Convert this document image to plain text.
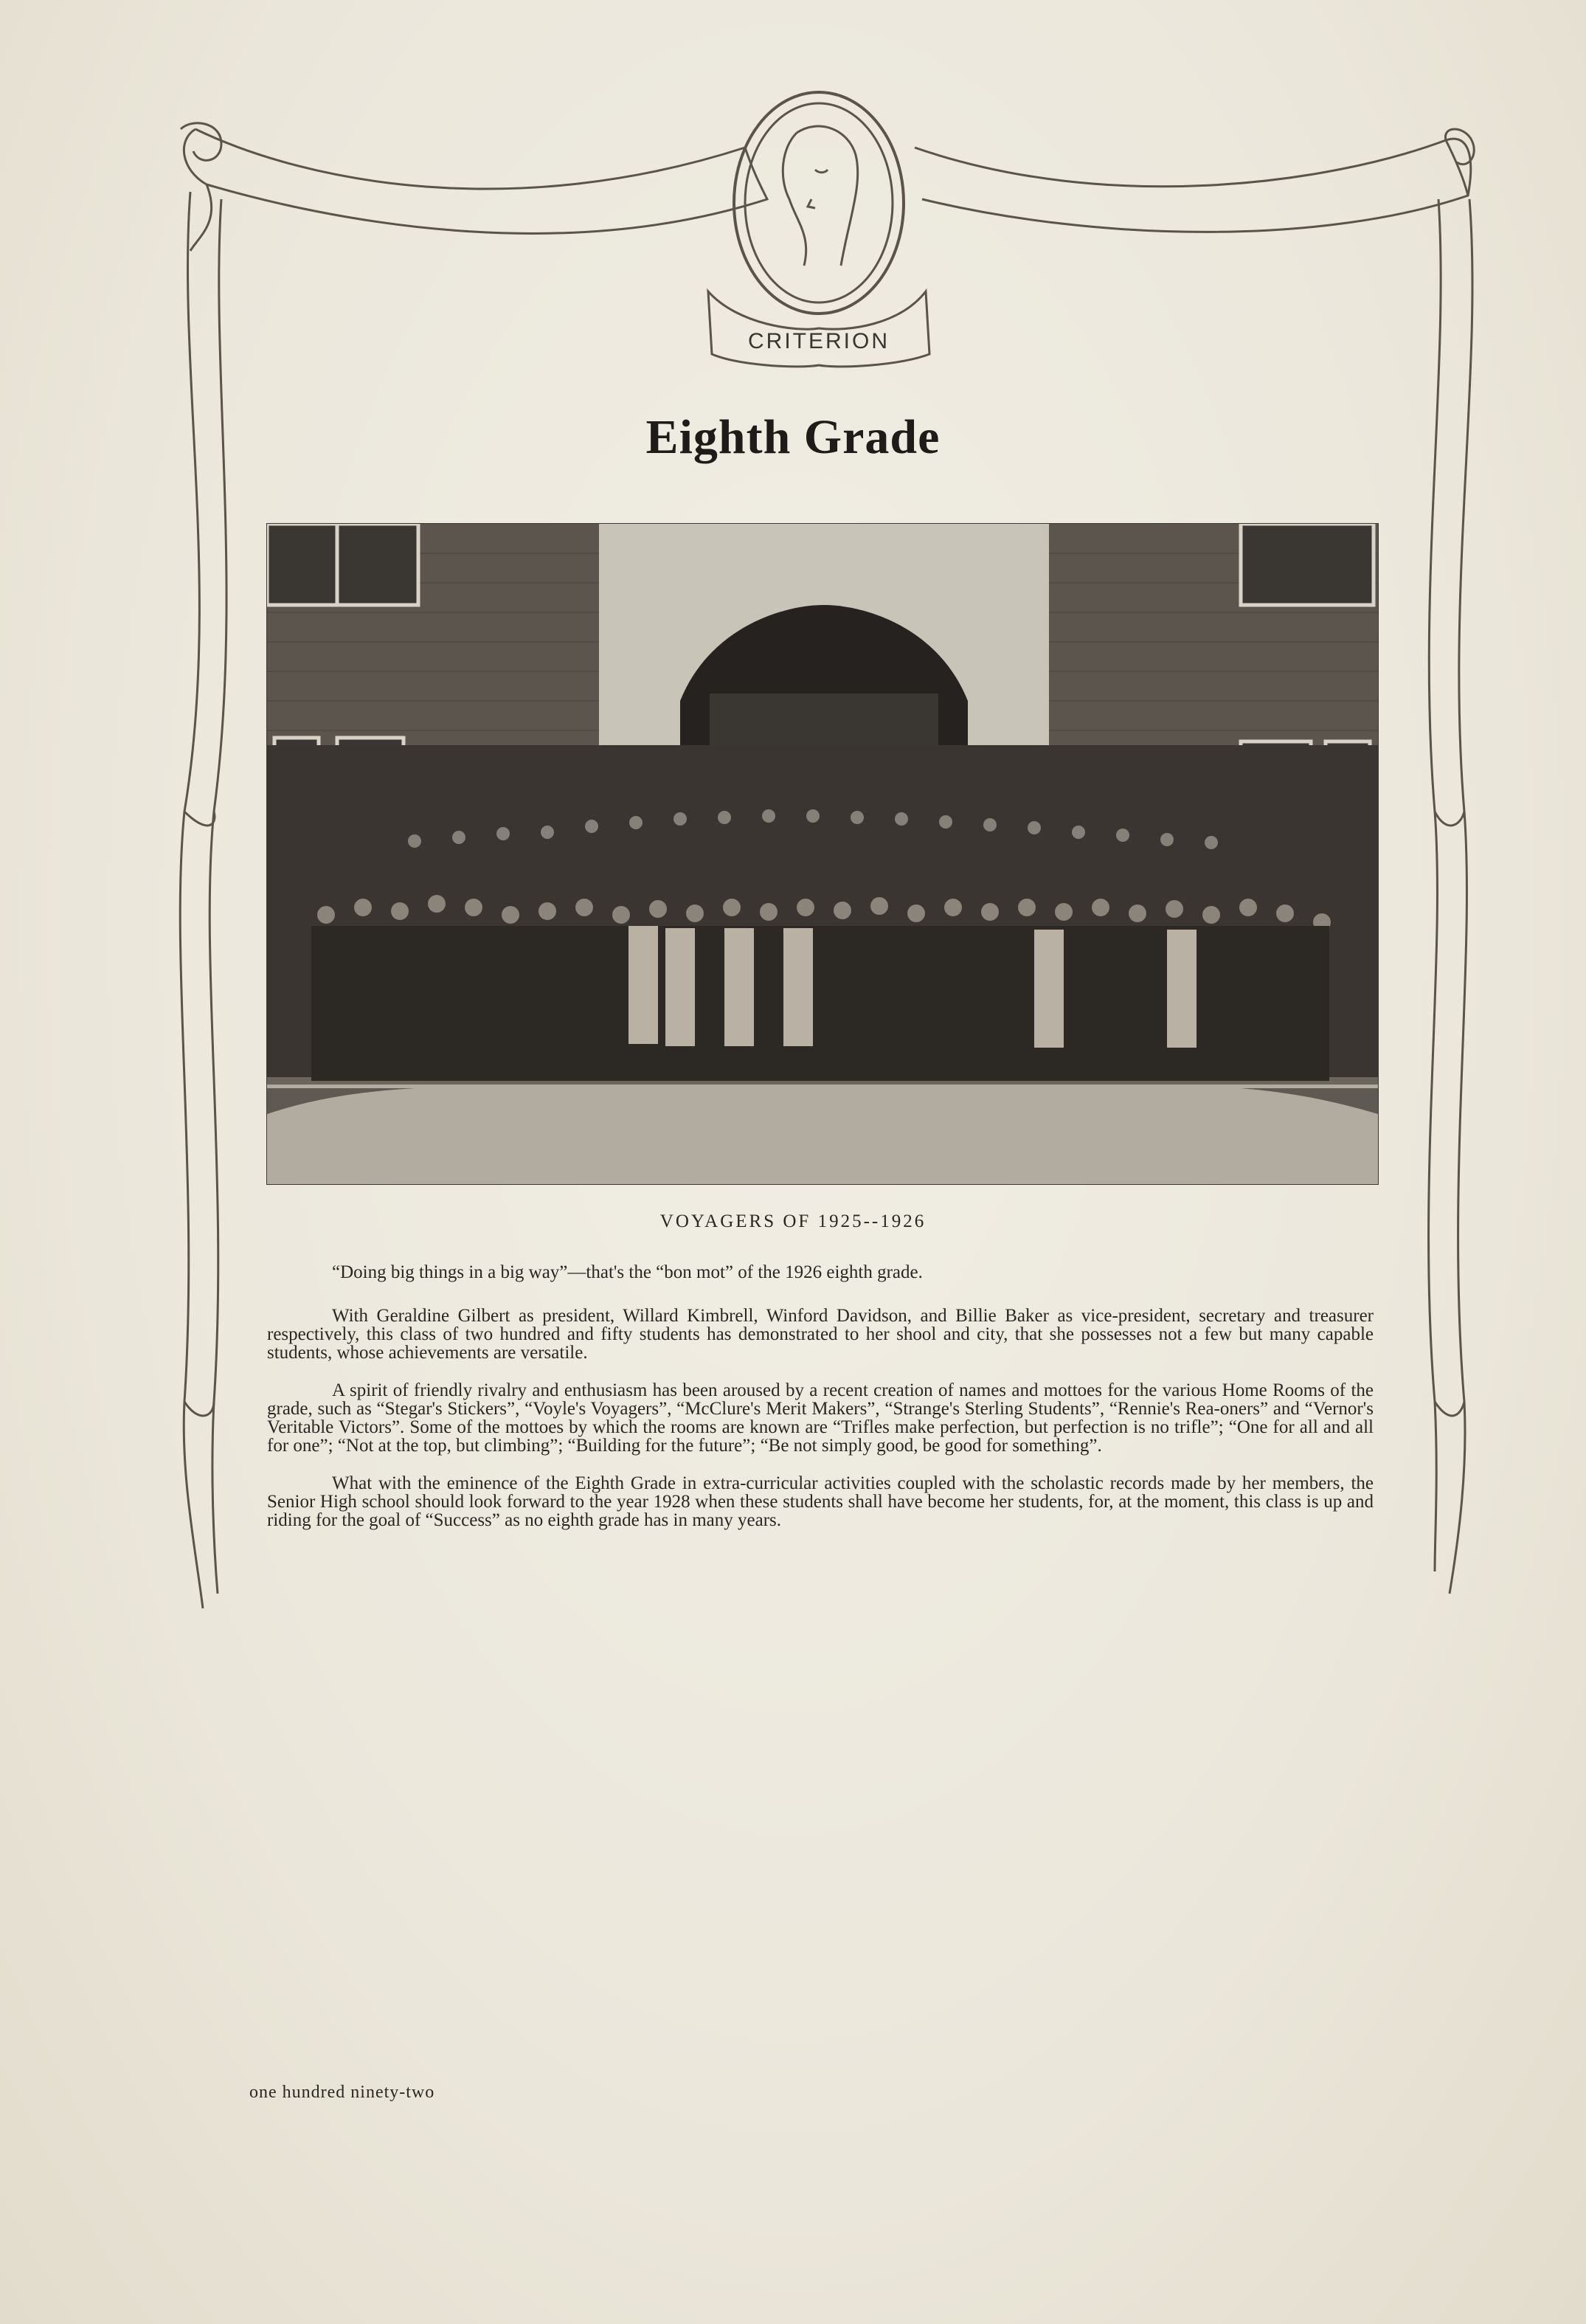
CRITERION
Eighth Grade
VOYAGERS OF 1925--1926

“Doing big things in a big way”—that's the “bon mot” of the 1926 eighth grade.

With Geraldine Gilbert as president, Willard Kimbrell, Winford Davidson, and Billie Baker as vice-president, secretary and treasurer respectively, this class of two hundred and fifty students has demonstrated to her shool and city, that she possesses not a few but many capable students, whose achievements are versatile.

A spirit of friendly rivalry and enthusiasm has been aroused by a recent creation of names and mottoes for the various Home Rooms of the grade, such as “Stegar's Stickers”, “Voyle's Voyagers”, “McClure's Merit Makers”, “Strange's Sterling Students”, “Rennie's Rea-oners” and “Vernor's Veritable Victors”. Some of the mottoes by which the rooms are known are “Trifles make perfection, but perfection is no trifle”; “One for all and all for one”; “Not at the top, but climbing”; “Building for the future”; “Be not simply good, be good for something”.

What with the eminence of the Eighth Grade in extra-curricular activities coupled with the scholastic records made by her members, the Senior High school should look forward to the year 1928 when these students shall have become her students, for, at the moment, this class is up and riding for the goal of “Success” as no eighth grade has in many years.

one hundred ninety-two
